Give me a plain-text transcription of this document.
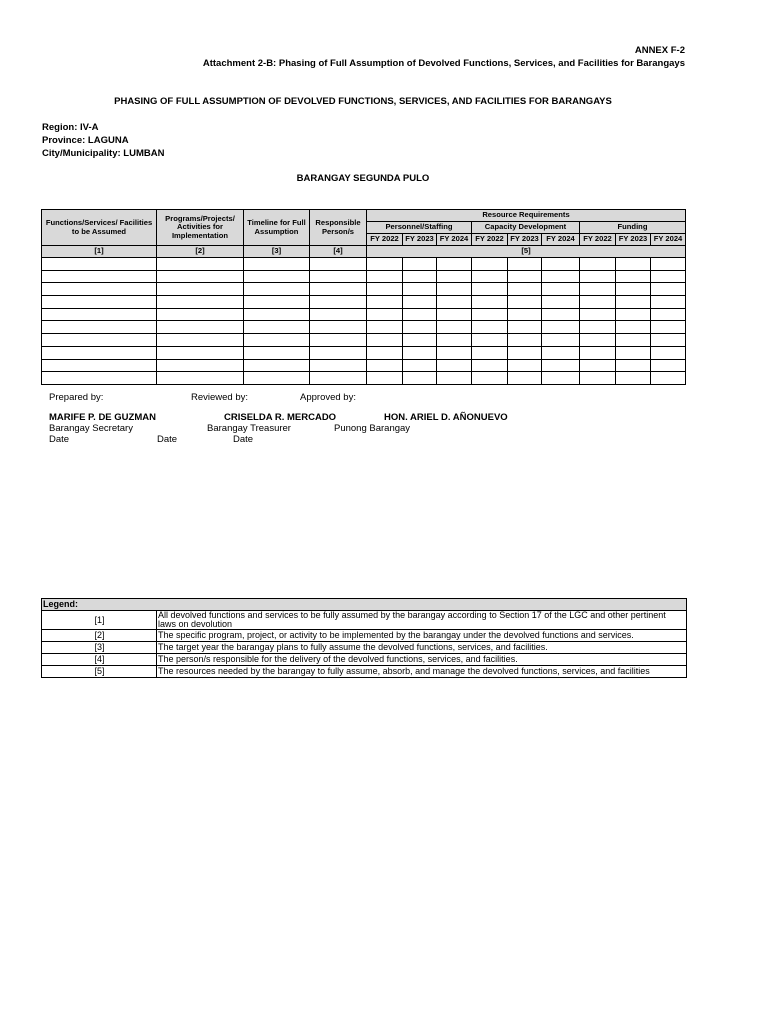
ANNEX F-2
Attachment 2-B: Phasing of Full Assumption of Devolved Functions, Services, and Facilities for Barangays
PHASING OF FULL ASSUMPTION OF DEVOLVED FUNCTIONS, SERVICES, AND FACILITIES FOR BARANGAYS
Region: IV-A
Province: LAGUNA
City/Municipality: LUMBAN
BARANGAY SEGUNDA PULO
Functions/Services/ Facilities to be Assumed	Programs/Projects/ Activities for Implementation	Timeline for Full Assumption	Responsible Person/s	Resource Requirements								
				Personnel/Staffing			Capacity Development			Funding		
				FY 2022	FY 2023	FY 2024	FY 2022	FY 2023	FY 2024	FY 2022	FY 2023	FY 2024
[1]	[2]	[3]	[4]	[5]								

Prepared by:	Reviewed by:	Approved by:
MARIFE P. DE GUZMAN	CRISELDA R. MERCADO	HON. ARIEL D. AÑONUEVO
Barangay Secretary	Barangay Treasurer	Punong Barangay
Date	Date	Date
Legend:	
[1]	All devolved functions and services to be fully assumed by the barangay according to Section 17 of the LGC and other pertinent laws on devolution
[2]	The specific program, project, or activity to be implemented by the barangay under the devolved functions and services.
[3]	The target year the barangay plans to fully assume the devolved functions, services, and facilities.
[4]	The person/s responsible for the delivery of the devolved functions, services, and facilities.
[5]	The resources needed by the barangay to fully assume, absorb, and manage the devolved functions, services, and facilities
